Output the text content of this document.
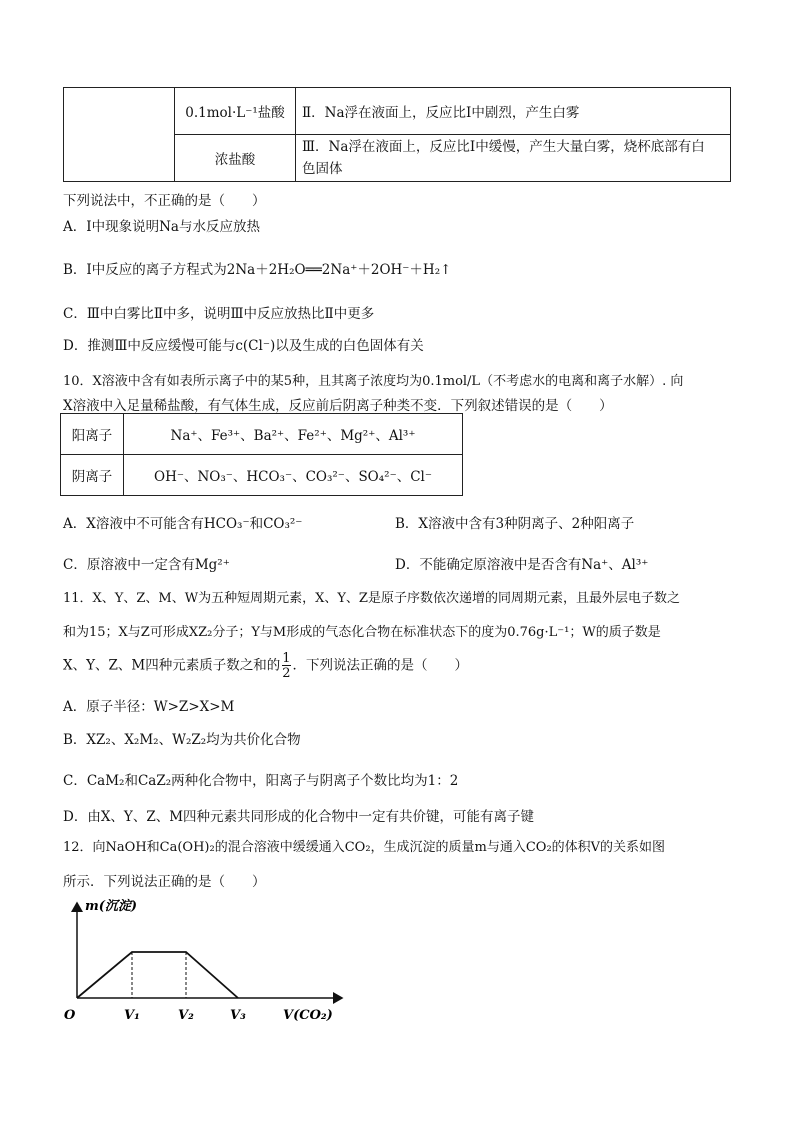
	0.1mol·L⁻¹盐酸	Ⅱ．Na浮在液面上，反应比Ⅰ中剧烈，产生白雾
	浓盐酸	Ⅲ．Na浮在液面上，反应比Ⅰ中缓慢，产生大量白雾，烧杯底部有白
色固体
下列说法中，不正确的是（　　）
A．Ⅰ中现象说明Na与水反应放热
B．Ⅰ中反应的离子方程式为2Na＋2H₂O══2Na⁺＋2OH⁻＋H₂↑
C．Ⅲ中白雾比Ⅱ中多，说明Ⅲ中反应放热比Ⅱ中更多
D．推测Ⅲ中反应缓慢可能与c(Cl⁻)以及生成的白色固体有关
10．X溶液中含有如表所示离子中的某5种，且其离子浓度均为0.1mol/L（不考虑水的电离和离子水解）. 向
X溶液中入足量稀盐酸，有气体生成，反应前后阴离子种类不变．下列叙述错误的是（　　）
阳离子	Na⁺、Fe³⁺、Ba²⁺、Fe²⁺、Mg²⁺、Al³⁺
阴离子	OH⁻、NO₃⁻、HCO₃⁻、CO₃²⁻、SO₄²⁻、Cl⁻
A．X溶液中不可能含有HCO₃⁻和CO₃²⁻	B．X溶液中含有3种阴离子、2种阳离子
C．原溶液中一定含有Mg²⁺	D．不能确定原溶液中是否含有Na⁺、Al³⁺
11．X、Y、Z、M、W为五种短周期元素，X、Y、Z是原子序数依次递增的同周期元素，且最外层电子数之
和为15；X与Z可形成XZ₂分子；Y与M形成的气态化合物在标准状态下的度为0.76g·L⁻¹；W的质子数是
X、Y、Z、M四种元素质子数之和的 $\frac{1}{2}$ ．下列说法正确的是（　　）
A．原子半径：W>Z>X>M
B．XZ₂、X₂M₂、W₂Z₂均为共价化合物
C．CaM₂和CaZ₂两种化合物中，阳离子与阴离子个数比均为1：2
D．由X、Y、Z、M四种元素共同形成的化合物中一定有共价键，可能有离子键
12．向NaOH和Ca(OH)₂的混合溶液中缓缓通入CO₂，生成沉淀的质量m与通入CO₂的体积V的关系如图
所示．下列说法正确的是（　　）
m(沉淀)
V(CO₂)
O	V₁	V₂	V₃
